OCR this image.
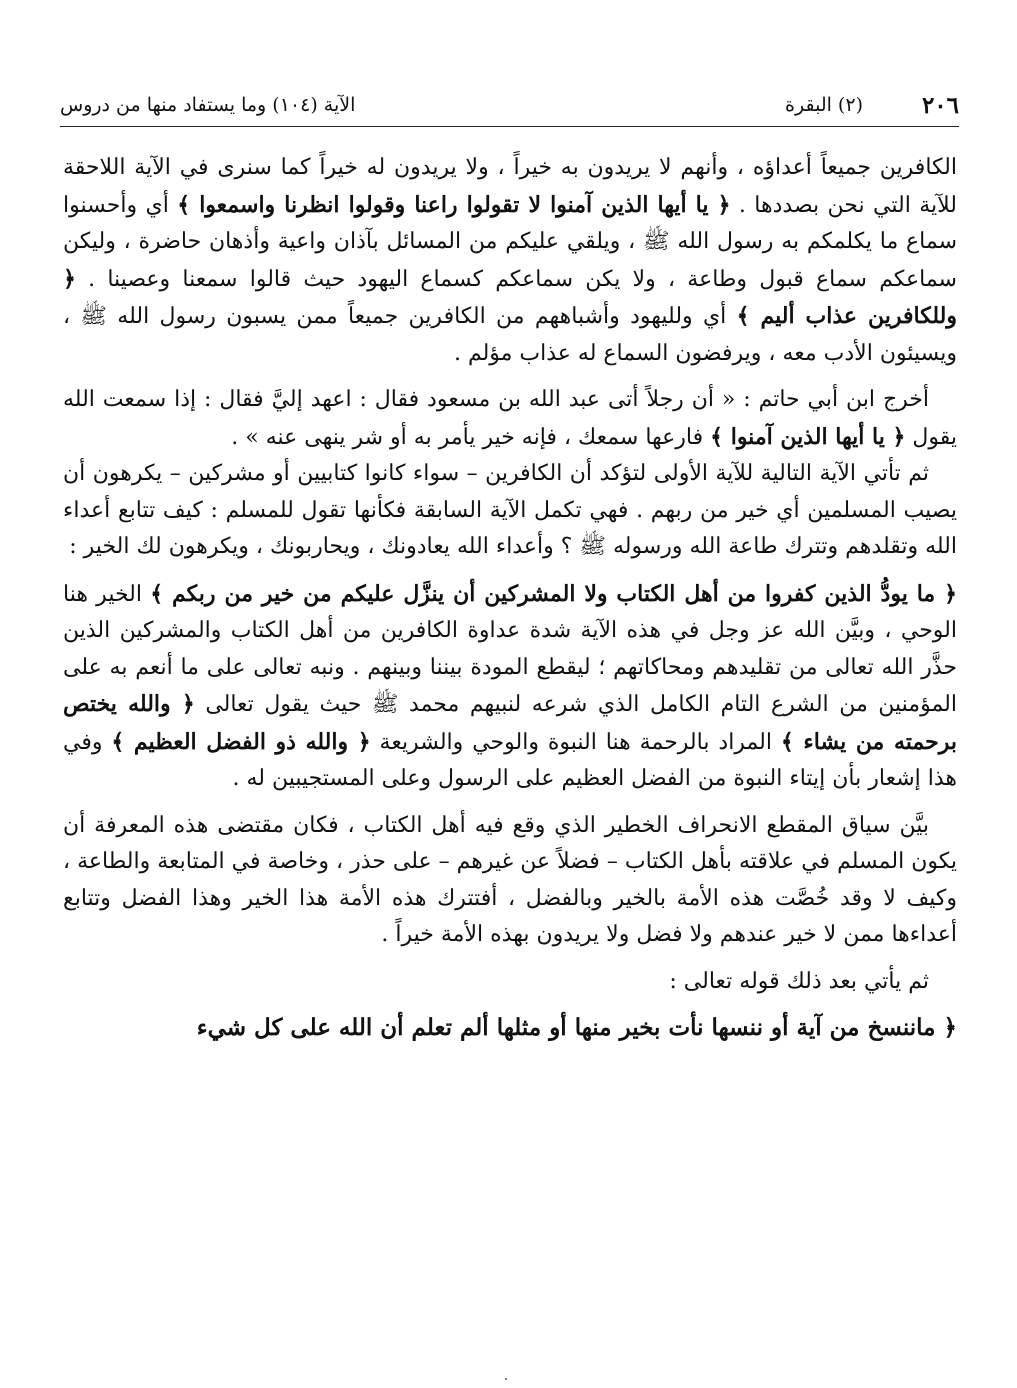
٢٠٦
(٢) البقرة
الآية (١٠٤) وما يستفاد منها من دروس

الكافرين جميعاً أعداؤه ، وأنهم لا يريدون به خيراً ، ولا يريدون له خيراً كما سنرى في الآية اللاحقة للآية التي نحن بصددها . ﴿ يا أيها الذين آمنوا لا تقولوا راعنا وقولوا انظرنا واسمعوا ﴾ أي وأحسنوا سماع ما يكلمكم به رسول الله ﷺ ، ويلقي عليكم من المسائل بآذان واعية وأذهان حاضرة ، وليكن سماعكم سماع قبول وطاعة ، ولا يكن سماعكم كسماع اليهود حيث قالوا سمعنا وعصينا . ﴿ وللكافرين عذاب أليم ﴾ أي ولليهود وأشباههم من الكافرين جميعاً ممن يسبون رسول الله ﷺ ، ويسيئون الأدب معه ، ويرفضون السماع له عذاب مؤلم .

أخرج ابن أبي حاتم : « أن رجلاً أتى عبد الله بن مسعود فقال : اعهد إليَّ فقال : إذا سمعت الله يقول ﴿ يا أيها الذين آمنوا ﴾ فارعها سمعك ، فإنه خير يأمر به أو شر ينهى عنه » .

ثم تأتي الآية التالية للآية الأولى لتؤكد أن الكافرين – سواء كانوا كتابيين أو مشركين – يكرهون أن يصيب المسلمين أي خير من ربهم . فهي تكمل الآية السابقة فكأنها تقول للمسلم : كيف تتابع أعداء الله وتقلدهم وتترك طاعة الله ورسوله ﷺ ؟ وأعداء الله يعادونك ، ويحاربونك ، ويكرهون لك الخير :

﴿ ما يودُّ الذين كفروا من أهل الكتاب ولا المشركين أن ينزَّل عليكم من خير من ربكم ﴾ الخير هنا الوحي ، وبيَّن الله عز وجل في هذه الآية شدة عداوة الكافرين من أهل الكتاب والمشركين الذين حذَّر الله تعالى من تقليدهم ومحاكاتهم ؛ ليقطع المودة بيننا وبينهم . ونبه تعالى على ما أنعم به على المؤمنين من الشرع التام الكامل الذي شرعه لنبيهم محمد ﷺ حيث يقول تعالى ﴿ والله يختص برحمته من يشاء ﴾ المراد بالرحمة هنا النبوة والوحي والشريعة ﴿ والله ذو الفضل العظيم ﴾ وفي هذا إشعار بأن إيتاء النبوة من الفضل العظيم على الرسول وعلى المستجيبين له .

بيَّن سياق المقطع الانحراف الخطير الذي وقع فيه أهل الكتاب ، فكان مقتضى هذه المعرفة أن يكون المسلم في علاقته بأهل الكتاب – فضلاً عن غيرهم – على حذر ، وخاصة في المتابعة والطاعة ، وكيف لا وقد خُصَّت هذه الأمة بالخير وبالفضل ، أفتترك هذه الأمة هذا الخير وهذا الفضل وتتابع أعداءها ممن لا خير عندهم ولا فضل ولا يريدون بهذه الأمة خيراً .

ثم يأتي بعد ذلك قوله تعالى :

﴿ ماننسخ من آية أو ننسها نأت بخير منها أو مثلها ألم تعلم أن الله على كل شيء
